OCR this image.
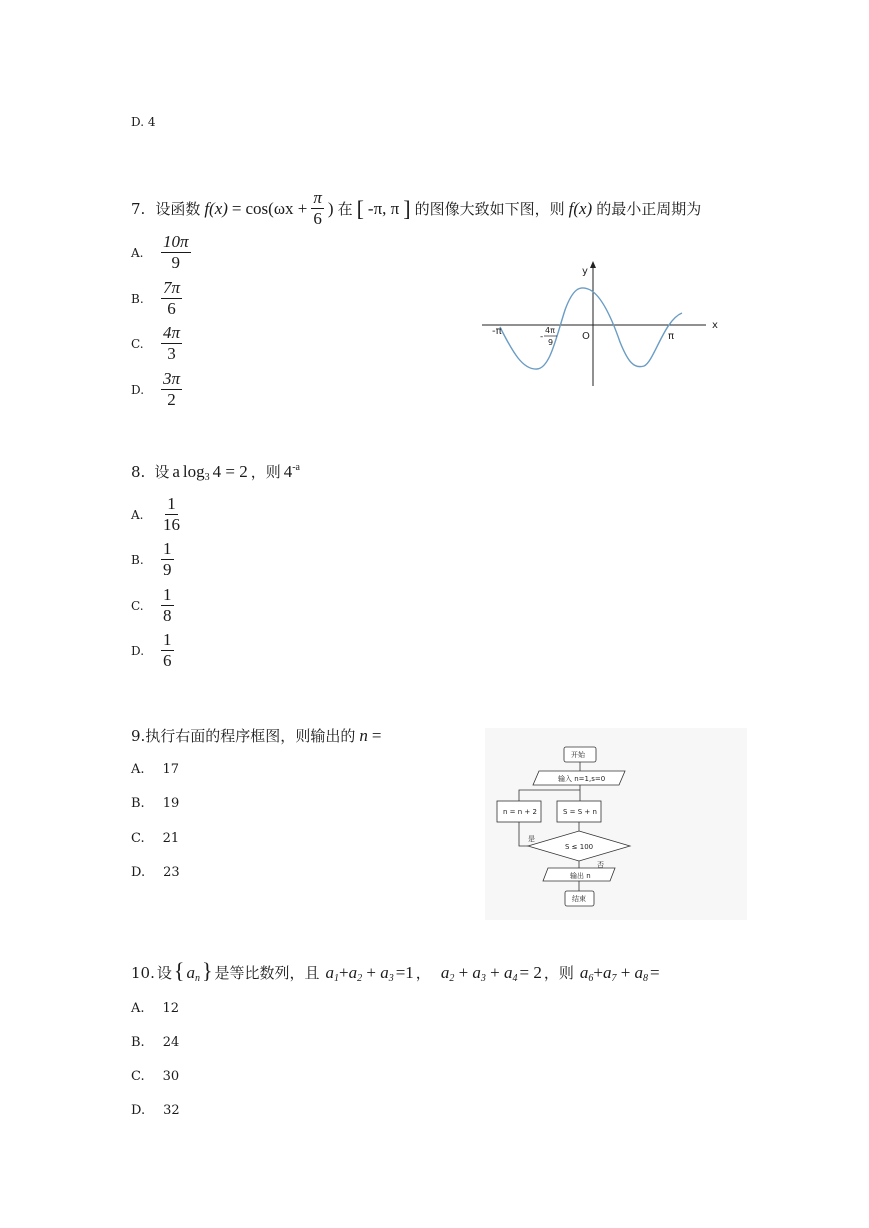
D. 4
7. 设函数 $f(x) = \cos(\omega x + \frac{\pi}{6}$ ) 在 [ -π, π ] 的图像大致如下图，则 f(x) 的最小正周期为
A.	$\frac{10\pi}{9}$
B.	$\frac{7\pi}{6}$
C.	$\frac{4\pi}{3}$
D. $\frac{3\pi}{2}$
x
y
-π	π
O
-
4π
9
8. 设 a $\log_3 4 = 2$ ，则 $4^{-a}$
A.	$\frac{1}{16}$
B.	$\frac{1}{9}$
C.	$\frac{1}{8}$
D. $\frac{1}{6}$
9.执行右面的程序框图，则输出的 n =
A. 17
B. 19
C. 21
D. 23
开始
输入 n=1,s=0
n = n + 2	S = S + n
S ≤ 100
是
否
输出 n
结束
10. 设 { $a_n$ } 是等比数列，且 $a_1+a_2 + a_3 =1$ ， $a_2 + a_3 + a_4 = 2$ ，则 $a_6+a_7 + a_8$ =
A. 12
B. 24
C. 30
D. 32
